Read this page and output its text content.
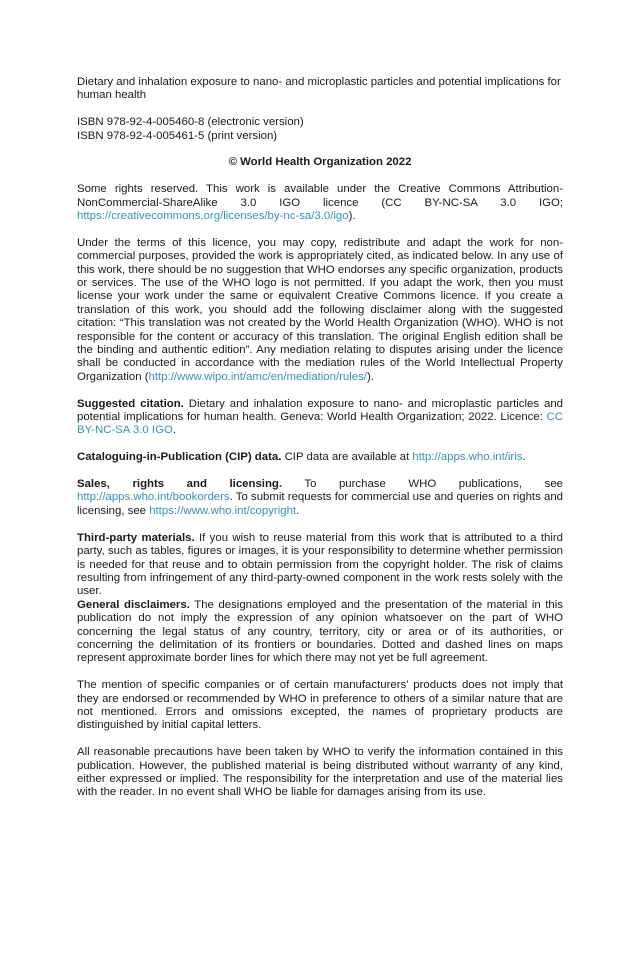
Dietary and inhalation exposure to nano- and microplastic particles and potential implications for human health

ISBN 978-92-4-005460-8 (electronic version)

ISBN 978-92-4-005461-5 (print version)

© World Health Organization 2022

Some rights reserved. This work is available under the Creative Commons Attribution-NonCommercial-ShareAlike 3.0 IGO licence (CC BY-NC-SA 3.0 IGO; https://creativecommons.org/licenses/by-nc-sa/3.0/igo).

Under the terms of this licence, you may copy, redistribute and adapt the work for non-commercial purposes, provided the work is appropriately cited, as indicated below. In any use of this work, there should be no suggestion that WHO endorses any specific organization, products or services. The use of the WHO logo is not permitted. If you adapt the work, then you must license your work under the same or equivalent Creative Commons licence. If you create a translation of this work, you should add the following disclaimer along with the suggested citation: “This translation was not created by the World Health Organization (WHO). WHO is not responsible for the content or accuracy of this translation. The original English edition shall be the binding and authentic edition”. Any mediation relating to disputes arising under the licence shall be conducted in accordance with the mediation rules of the World Intellectual Property Organization (http://www.wipo.int/amc/en/mediation/rules/).

Suggested citation. Dietary and inhalation exposure to nano- and microplastic particles and potential implications for human health. Geneva: World Health Organization; 2022. Licence: CC BY-NC-SA 3.0 IGO.

Cataloguing-in-Publication (CIP) data. CIP data are available at http://apps.who.int/iris.

Sales, rights and licensing. To purchase WHO publications, see http://apps.who.int/bookorders. To submit requests for commercial use and queries on rights and licensing, see https://www.who.int/copyright.

Third-party materials. If you wish to reuse material from this work that is attributed to a third party, such as tables, figures or images, it is your responsibility to determine whether permission is needed for that reuse and to obtain permission from the copyright holder. The risk of claims resulting from infringement of any third-party-owned component in the work rests solely with the user.

General disclaimers. The designations employed and the presentation of the material in this publication do not imply the expression of any opinion whatsoever on the part of WHO concerning the legal status of any country, territory, city or area or of its authorities, or concerning the delimitation of its frontiers or boundaries. Dotted and dashed lines on maps represent approximate border lines for which there may not yet be full agreement.

The mention of specific companies or of certain manufacturers’ products does not imply that they are endorsed or recommended by WHO in preference to others of a similar nature that are not mentioned. Errors and omissions excepted, the names of proprietary products are distinguished by initial capital letters.

All reasonable precautions have been taken by WHO to verify the information contained in this publication. However, the published material is being distributed without warranty of any kind, either expressed or implied. The responsibility for the interpretation and use of the material lies with the reader. In no event shall WHO be liable for damages arising from its use.
